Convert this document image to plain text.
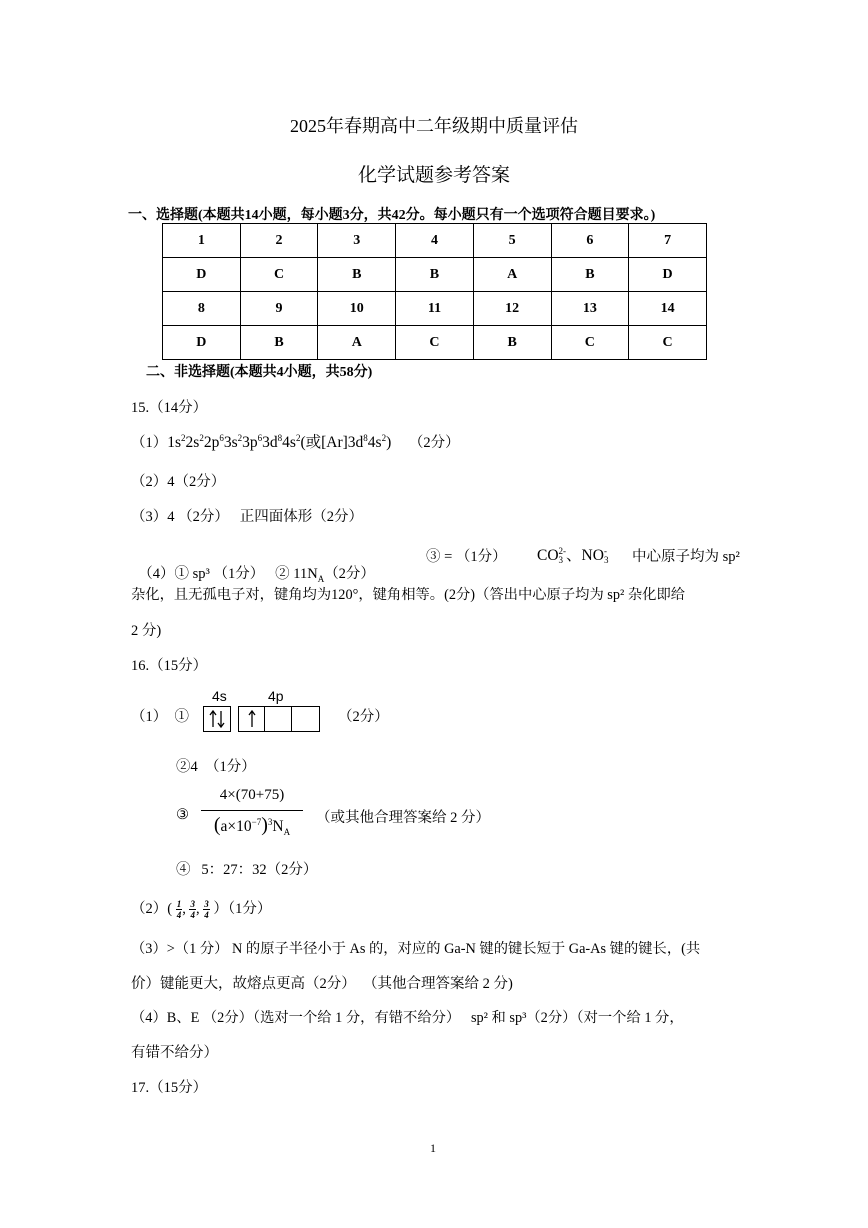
2025年春期高中二年级期中质量评估
化学试题参考答案
一、选择题(本题共14小题，每小题3分，共42分。每小题只有一个选项符合题目要求。)
1	2	3	4	5	6	7
D	C	B	B	A	B	D
8	9	10	11	12	13	14
D	B	A	C	B	C	C
二、非选择题(本题共4小题，共58分)
15.（14分）
$(1)1s^22s^22p^63s^23p^63d^84s^2$(或$[Ar]3d^84s^2$) （2分）
（2）4（2分）
（3）4 （2分）   正四面体形（2分）

（4）① sp³ （1分）   ② $11N_A(2$分）

③ = （1分） CO 2-
3 、NO -
3 中心原子均为 sp²
杂化，且无孤电子对，键角均为120°，键角相等。(2分)（答出中心原子均为 sp² 杂化即给
2 分)
16.（15分）
4s	4p
（1）  ①	（2分）
②4  （1分）
③
4×(70+75)
$(a\times 10^{-7})^3N_A$
（或其他合理答案给 2 分）
④   5：27：32（2分）
$(2)( \frac{1}{4}$ , $\frac{3}{4}$ , $\frac{3}{4} )(1$分）
（3）>（1 分） N 的原子半径小于 As 的，对应的 Ga-N 键的键长短于 Ga-As 键的键长，(共
价）键能更大，故熔点更高（2分）  （其他合理答案给 2 分)
（4）B、E （2分）（选对一个给 1 分，有错不给分）   sp² 和 sp³（2分）（对一个给 1 分，
有错不给分）
17.（15分）
1
